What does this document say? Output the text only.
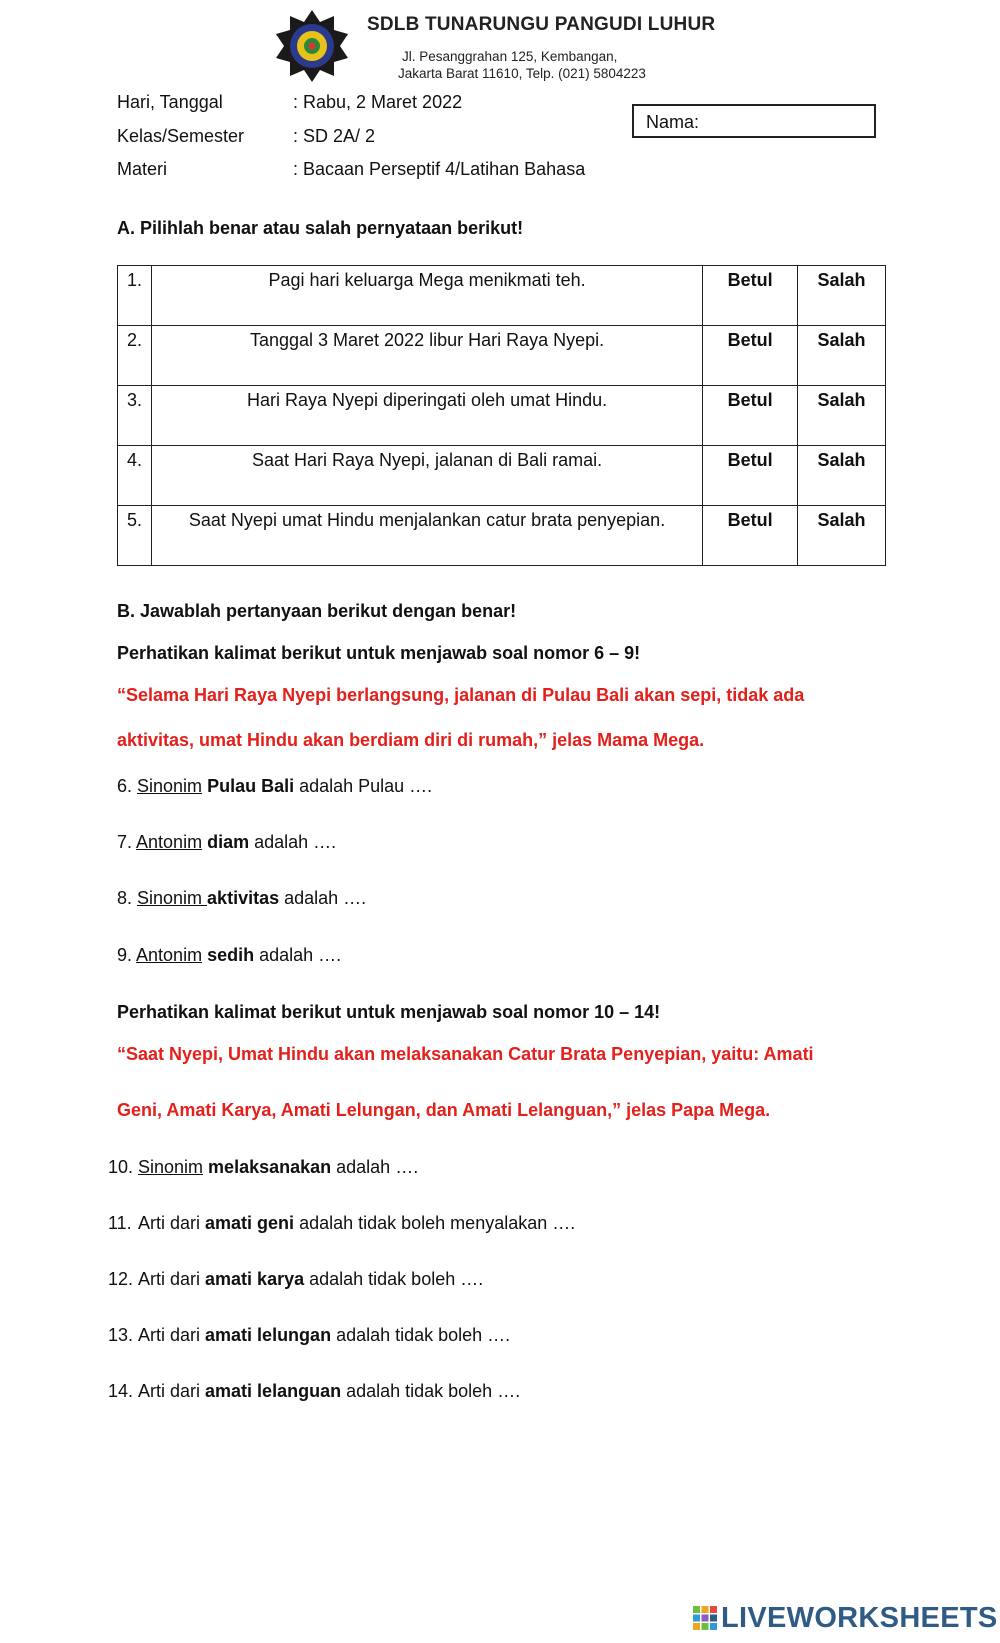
SDLB TUNARUNGU PANGUDI LUHUR
Jl. Pesanggrahan 125, Kembangan,
Jakarta Barat 11610, Telp. (021) 5804223
Hari, Tanggal	: Rabu, 2 Maret 2022
Kelas/Semester	: SD 2A/ 2
Materi	: Bacaan Perseptif 4/Latihan Bahasa
Nama:
A. Pilihlah benar atau salah pernyataan berikut!
1.	Pagi hari keluarga Mega menikmati teh.	Betul	Salah
2.	Tanggal 3 Maret 2022 libur Hari Raya Nyepi.	Betul	Salah
3.	Hari Raya Nyepi diperingati oleh umat Hindu.	Betul	Salah
4.	Saat Hari Raya Nyepi, jalanan di Bali ramai.	Betul	Salah
5.	Saat Nyepi umat Hindu menjalankan catur brata penyepian.	Betul	Salah
B. Jawablah pertanyaan berikut dengan benar!
Perhatikan kalimat berikut untuk menjawab soal nomor 6 – 9!
“Selama Hari Raya Nyepi berlangsung, jalanan di Pulau Bali akan sepi, tidak ada
aktivitas, umat Hindu akan berdiam diri di rumah,” jelas Mama Mega.
6. Sinonim Pulau Bali adalah Pulau ….
7. Antonim diam adalah ….
8. Sinonim aktivitas adalah ….
9. Antonim sedih adalah ….
Perhatikan kalimat berikut untuk menjawab soal nomor 10 – 14!
“Saat Nyepi, Umat Hindu akan melaksanakan Catur Brata Penyepian, yaitu: Amati
Geni, Amati Karya, Amati Lelungan, dan Amati Lelanguan,” jelas Papa Mega.
10. Sinonim melaksanakan adalah ….
11. Arti dari amati geni adalah tidak boleh menyalakan ….
12. Arti dari amati karya adalah tidak boleh ….
13. Arti dari amati lelungan adalah tidak boleh ….
14. Arti dari amati lelanguan adalah tidak boleh ….
LIVEWORKSHEETS
